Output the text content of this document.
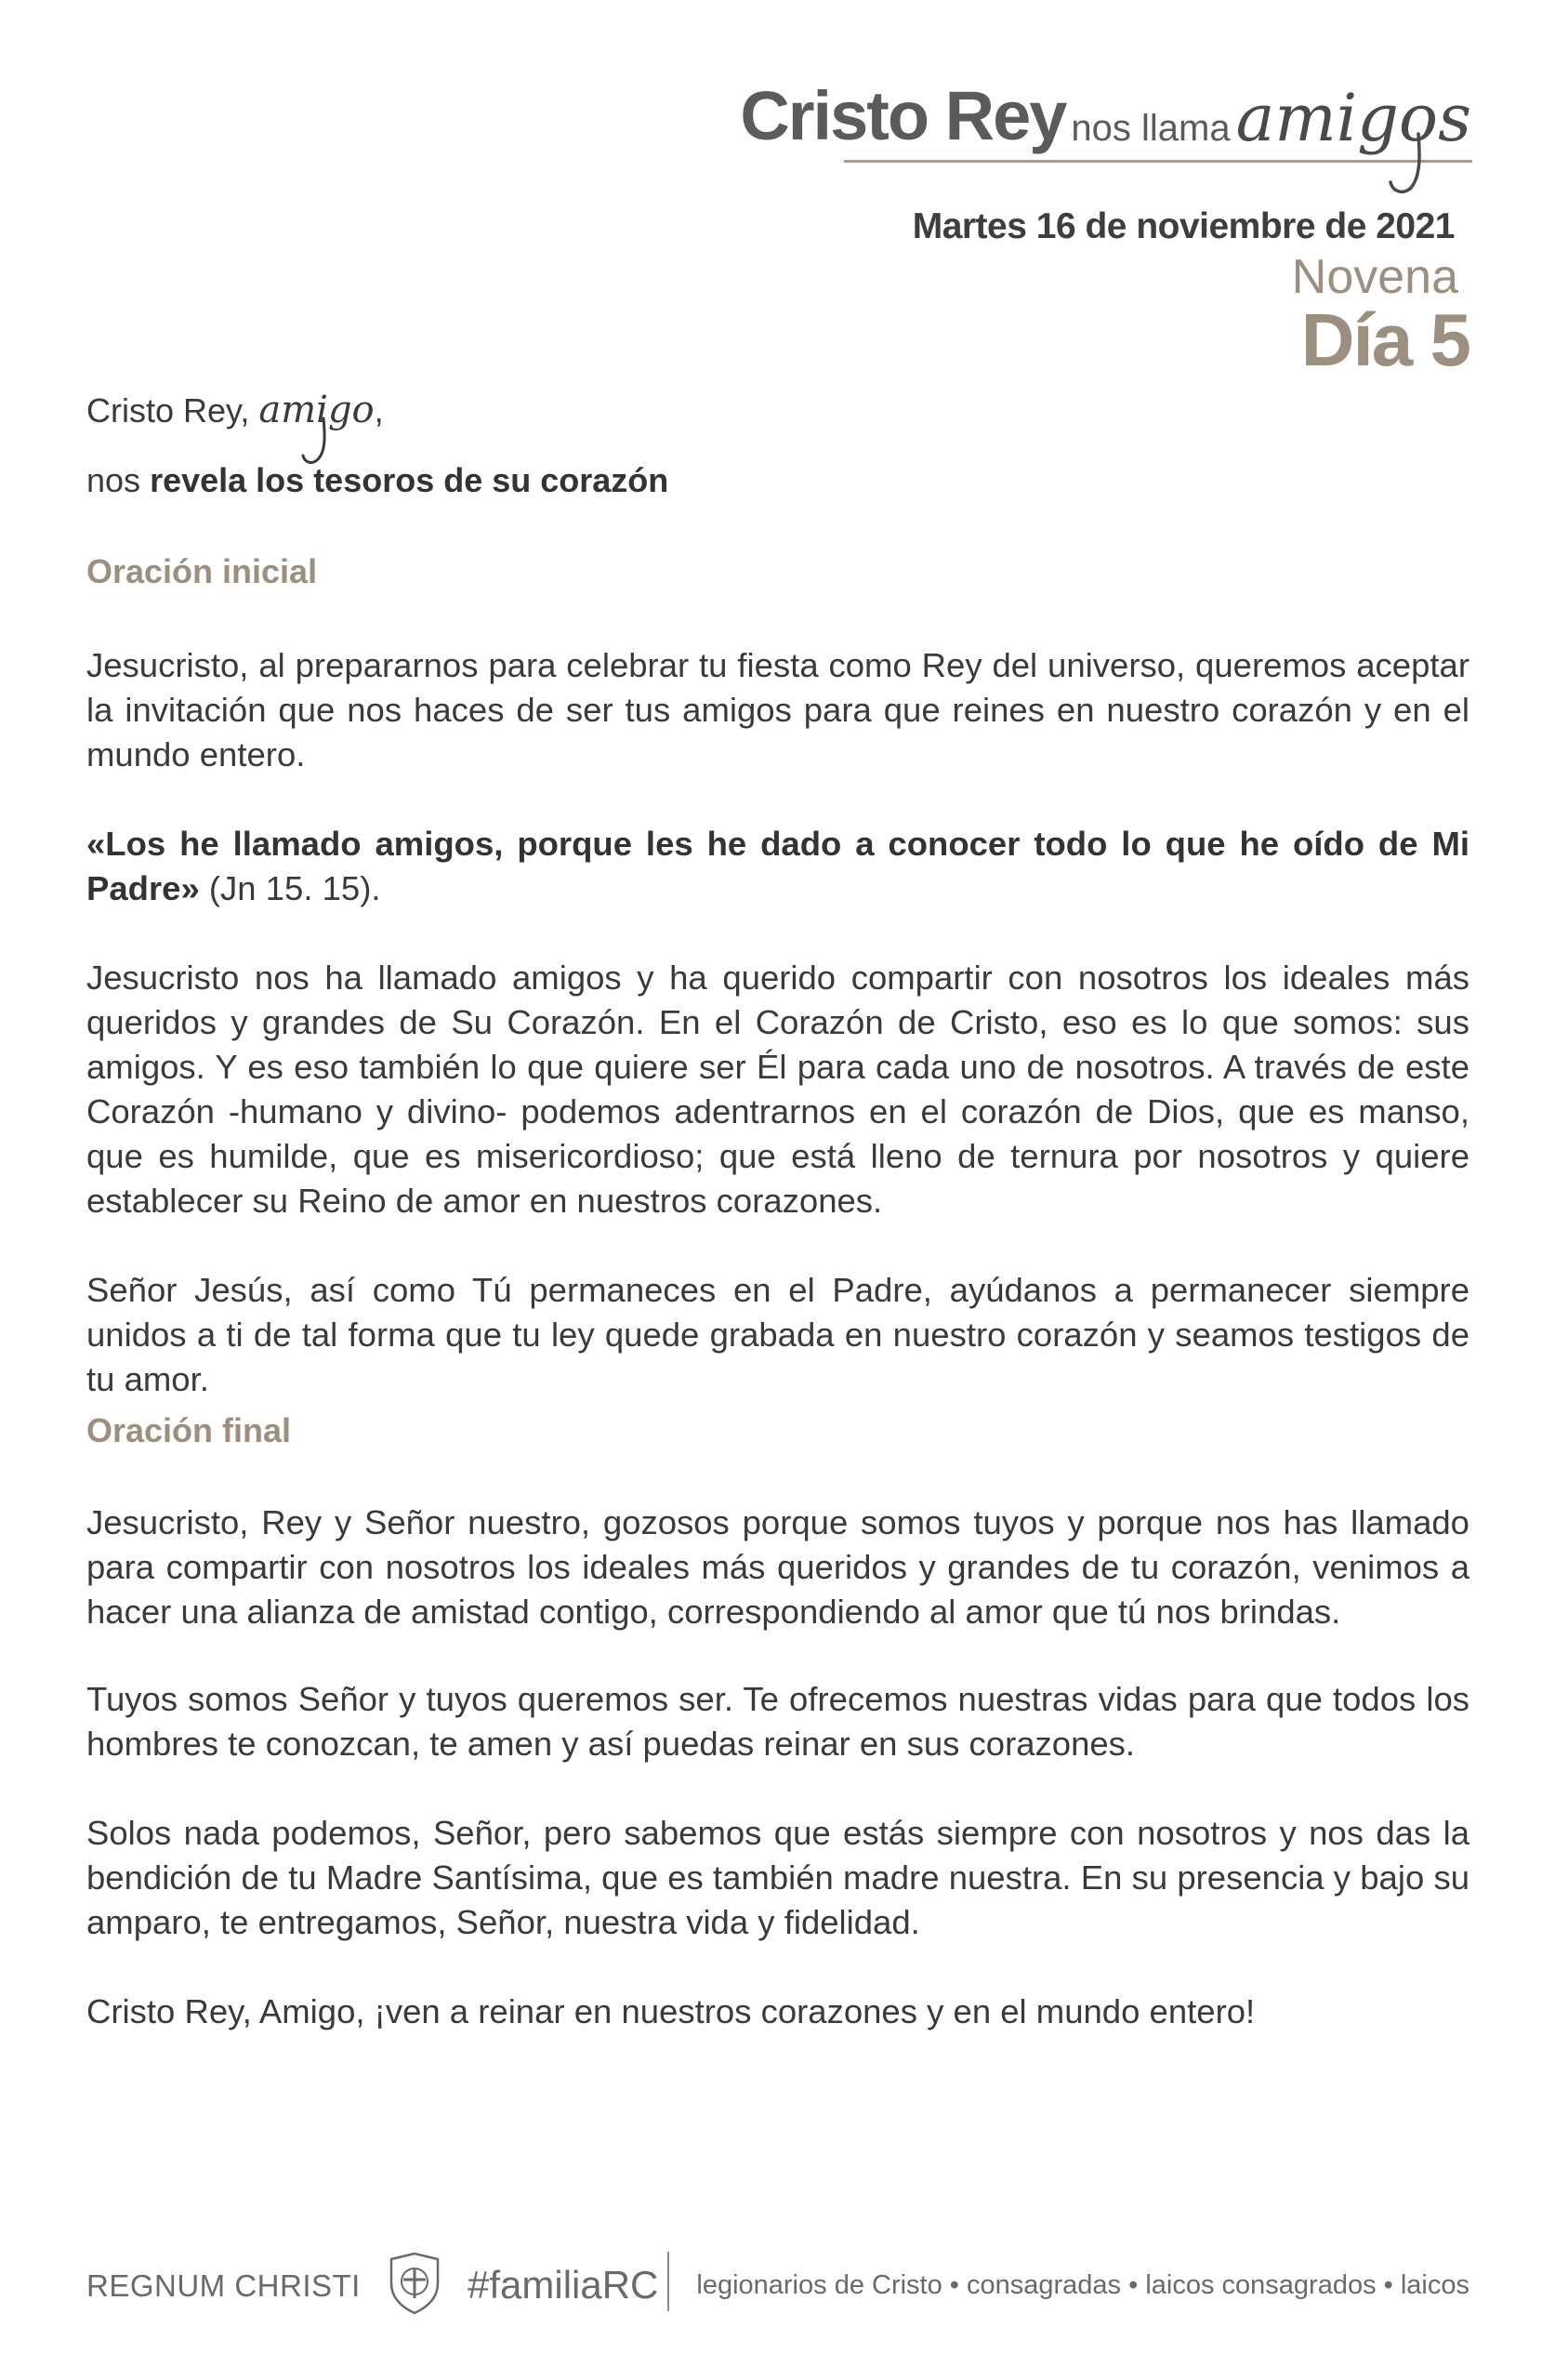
Cristo Rey nos llama amigos
Martes 16 de noviembre de 2021
Novena
Día 5
Cristo Rey, amigo,
nos revela los tesoros de su corazón
Oración inicial

Jesucristo, al prepararnos para celebrar tu fiesta como Rey del universo, queremos aceptar la invitación que nos haces de ser tus amigos para que reines en nuestro corazón y en el mundo entero.

«Los he llamado amigos, porque les he dado a conocer todo lo que he oído de Mi Padre» (Jn 15. 15).

Jesucristo nos ha llamado amigos y ha querido compartir con nosotros los ideales más queridos y grandes de Su Corazón. En el Corazón de Cristo, eso es lo que somos: sus amigos. Y es eso también lo que quiere ser Él para cada uno de nosotros. A través de este Corazón -humano y divino- podemos adentrarnos en el corazón de Dios, que es manso, que es humilde, que es misericordioso; que está lleno de ternura por nosotros y quiere establecer su Reino de amor en nuestros corazones.

Señor Jesús, así como Tú permaneces en el Padre, ayúdanos a permanecer siempre unidos a ti de tal forma que tu ley quede grabada en nuestro corazón y seamos testigos de tu amor.

Oración final

Jesucristo, Rey y Señor nuestro, gozosos porque somos tuyos y porque nos has llamado para compartir con nosotros los ideales más queridos y grandes de tu corazón, venimos a hacer una alianza de amistad contigo, correspondiendo al amor que tú nos brindas.

Tuyos somos Señor y tuyos queremos ser. Te ofrecemos nuestras vidas para que todos los hombres te conozcan, te amen y así puedas reinar en sus corazones.

Solos nada podemos, Señor, pero sabemos que estás siempre con nosotros y nos das la bendición de tu Madre Santísima, que es también madre nuestra. En su presencia y bajo su amparo, te entregamos, Señor, nuestra vida y fidelidad.

Cristo Rey, Amigo, ¡ven a reinar en nuestros corazones y en el mundo entero!

REGNUM CHRISTI	#familiaRC legionarios de Cristo • consagradas • laicos consagrados • laicos
